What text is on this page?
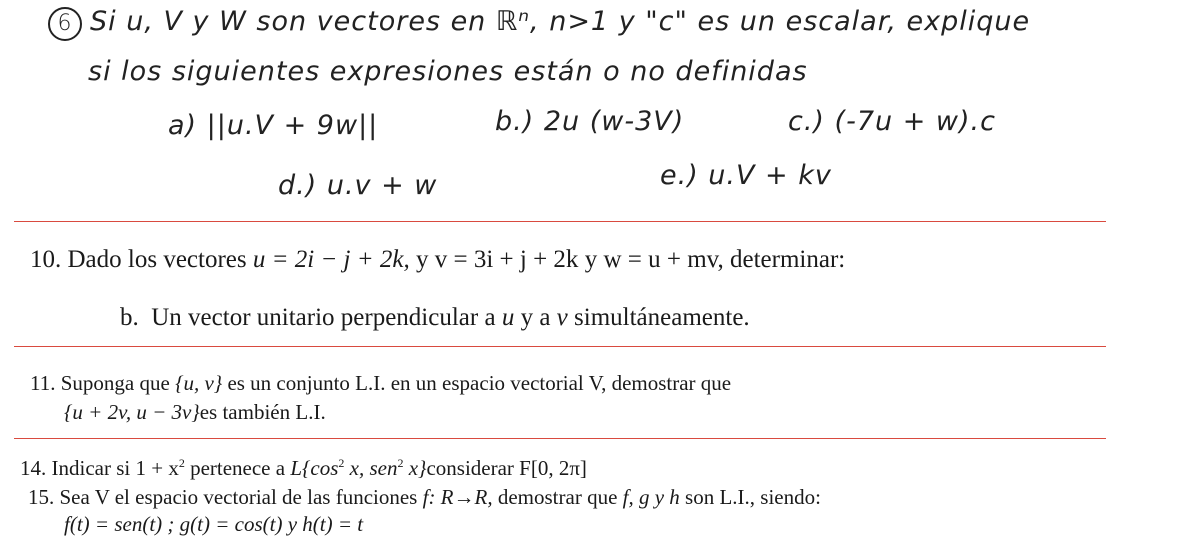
6 Si u, V y W son vectores en ℝⁿ, n>1 y "c" es un escalar, explique
si los siguientes expresiones están o no definidas
a) ||u.V + 9w||	b.) 2u (w-3V)	c.) (-7u + w).c
d.) u.v + w	e.) u.V + kv
10. Dado los vectores u = 2i − j + 2k, y v = 3i + j + 2k y w = u + mv, determinar:
b. Un vector unitario perpendicular a u y a v simultáneamente.
11. Suponga que {u, v} es un conjunto L.I. en un espacio vectorial V, demostrar que
{u + 2v, u − 3v}es también L.I.
14. Indicar si $1 + x^2$ pertenece a $L\{\cos^2$ x, sen$^2$ x}considerar F[0, 2π]
15. Sea V el espacio vectorial de las funciones f: R→R, demostrar que f, g y h son L.I., siendo:
f(t) = sen(t) ; g(t) = cos(t) y h(t) = t
